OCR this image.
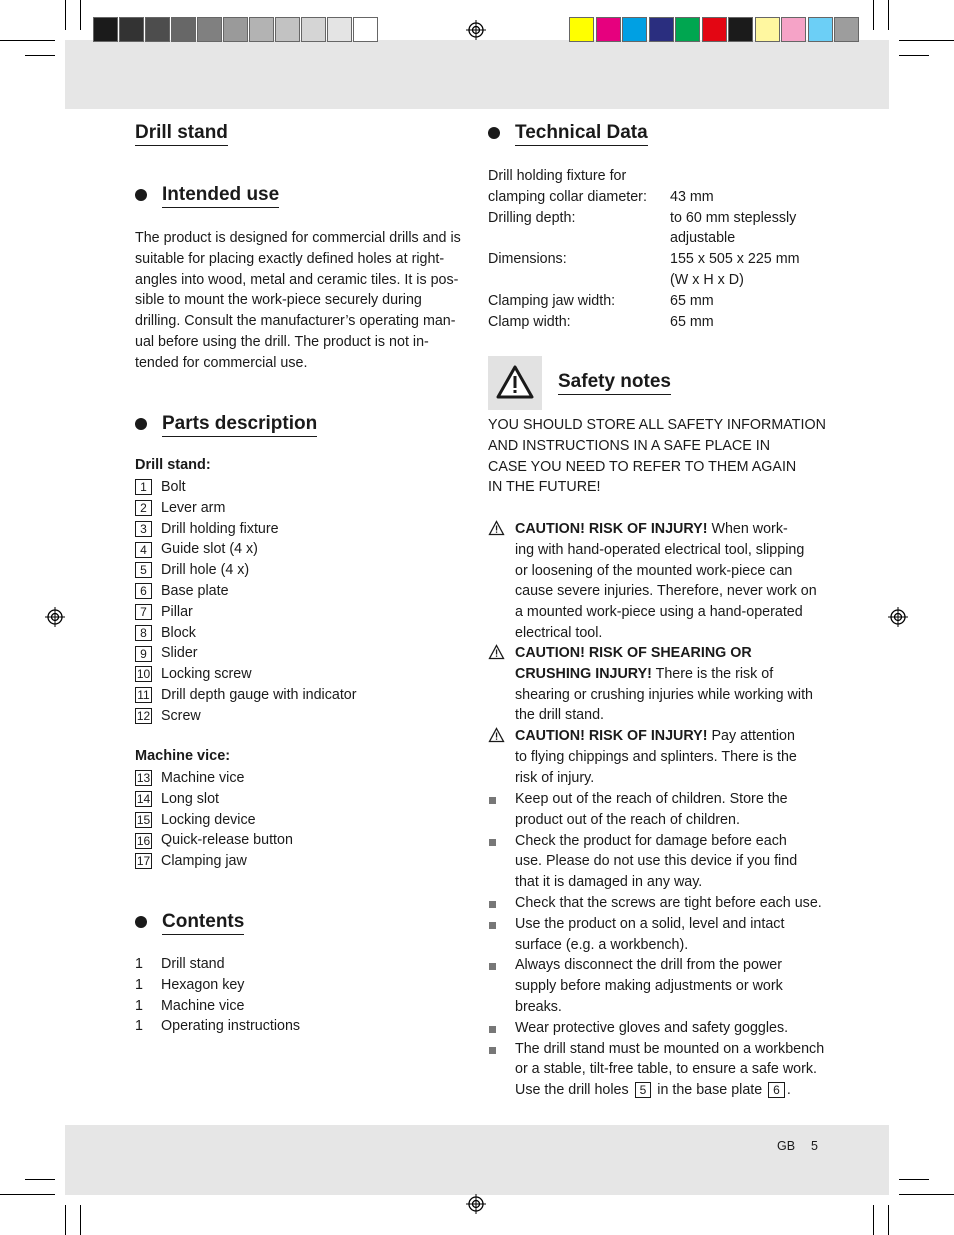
Drill stand
Intended use
The product is designed for commercial drills and is
suitable for placing exactly defined holes at right-
angles into wood, metal and ceramic tiles. It is pos-
sible to mount the work-piece securely during
drilling. Consult the manufacturer’s operating man-
ual before using the drill. The product is not in-
tended for commercial use.
Parts description
Drill stand:
1 Bolt
2 Lever arm
3 Drill holding fixture
4 Guide slot (4 x)
5 Drill hole (4 x)
6 Base plate
7 Pillar
8 Block
9 Slider
10 Locking screw
11 Drill depth gauge with indicator
12 Screw
Machine vice:
13 Machine vice
14 Long slot
15 Locking device
16 Quick-release button
17 Clamping jaw
Contents
1 Drill stand
1 Hexagon key
1 Machine vice
1 Operating instructions
Technical Data
Drill holding fixture for
clamping collar diameter:	43 mm
Drilling depth:	to 60 mm steplessly
adjustable
Dimensions:	155 x 505 x 225 mm
(W x H x D)
Clamping jaw width:	65 mm
Clamp width:	65 mm
Safety notes
YOU SHOULD STORE ALL SAFETY INFORMATION
AND INSTRUCTIONS IN A SAFE PLACE IN
CASE YOU NEED TO REFER TO THEM AGAIN
IN THE FUTURE!
CAUTION! RISK OF INJURY! When work-
ing with hand-operated electrical tool, slipping
or loosening of the mounted work-piece can
cause severe injuries. Therefore, never work on
a mounted work-piece using a hand-operated
electrical tool.
CAUTION! RISK OF SHEARING OR
CRUSHING INJURY! There is the risk of
shearing or crushing injuries while working with
the drill stand.
CAUTION! RISK OF INJURY! Pay attention
to flying chippings and splinters. There is the
risk of injury.
Keep out of the reach of children. Store the
product out of the reach of children.
Check the product for damage before each
use. Please do not use this device if you find
that it is damaged in any way.
Check that the screws are tight before each use.
Use the product on a solid, level and intact
surface (e.g. a workbench).
Always disconnect the drill from the power
supply before making adjustments or work
breaks.
Wear protective gloves and safety goggles.
The drill stand must be mounted on a workbench
or a stable, tilt-free table, to ensure a safe work.
Use the drill holes 5 in the base plate 6 .
GB 5
